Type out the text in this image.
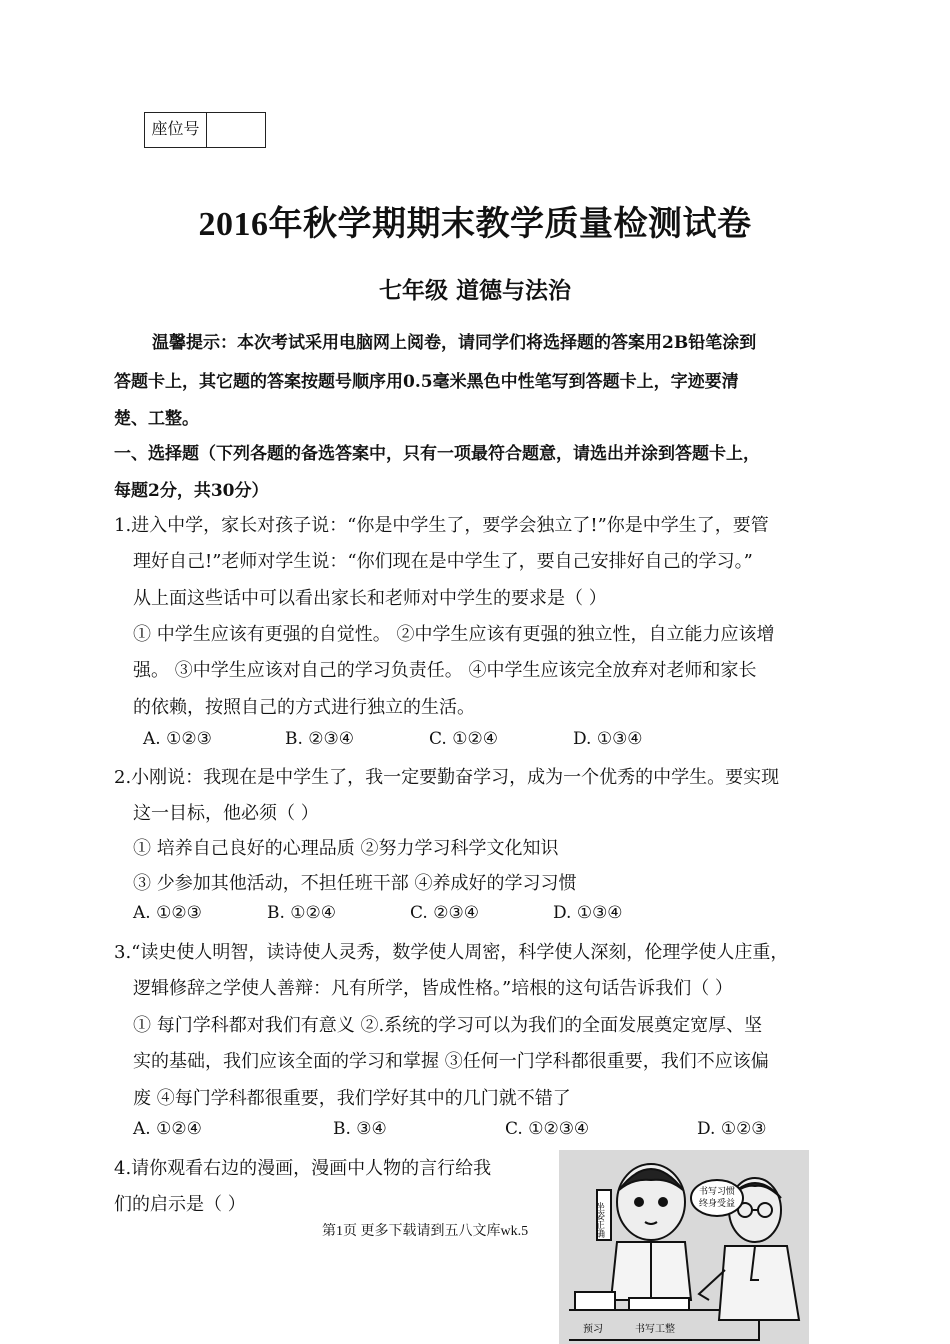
座位号
2016年秋学期期末教学质量检测试卷
七年级 道德与法治
温馨提示：本次考试采用电脑网上阅卷，请同学们将选择题的答案用2B铅笔涂到
答题卡上，其它题的答案按题号顺序用0.5毫米黑色中性笔写到答题卡上，字迹要清
楚、工整。
一、选择题（下列各题的备选答案中，只有一项最符合题意，请选出并涂到答题卡上，
每题2分，共30分）
1.进入中学，家长对孩子说：“你是中学生了，要学会独立了!”你是中学生了，要管
理好自己!”老师对学生说：“你们现在是中学生了，要自己安排好自己的学习。”
从上面这些话中可以看出家长和老师对中学生的要求是（ ）
① 中学生应该有更强的自觉性。 ②中学生应该有更强的独立性，自立能力应该增
强。 ③中学生应该对自己的学习负责任。 ④中学生应该完全放弃对老师和家长
的依赖，按照自己的方式进行独立的生活。
A. ①②③	B. ②③④	C. ①②④	D. ①③④
2.小刚说：我现在是中学生了，我一定要勤奋学习，成为一个优秀的中学生。要实现
这一目标，他必须（ ）
① 培养自己良好的心理品质 ②努力学习科学文化知识
③ 少参加其他活动，不担任班干部 ④养成好的学习习惯
A. ①②③	B. ①②④	C. ②③④	D. ①③④
3.“读史使人明智，读诗使人灵秀，数学使人周密，科学使人深刻，伦理学使人庄重，
逻辑修辞之学使人善辩：凡有所学，皆成性格。”培根的这句话告诉我们（ ）
① 每门学科都对我们有意义 ②.系统的学习可以为我们的全面发展奠定宽厚、坚
实的基础，我们应该全面的学习和掌握 ③任何一门学科都很重要，我们不应该偏
废 ④每门学科都很重要，我们学好其中的几门就不错了
A. ①②④	B. ③④	C. ①②③④	D. ①②③
4.请你观看右边的漫画，漫画中人物的言行给我
们的启示是（ ）
第1页 更多下载请到五八文库wk.5
书写习惯
终身受益
坐姿正确
预习	书写工整
